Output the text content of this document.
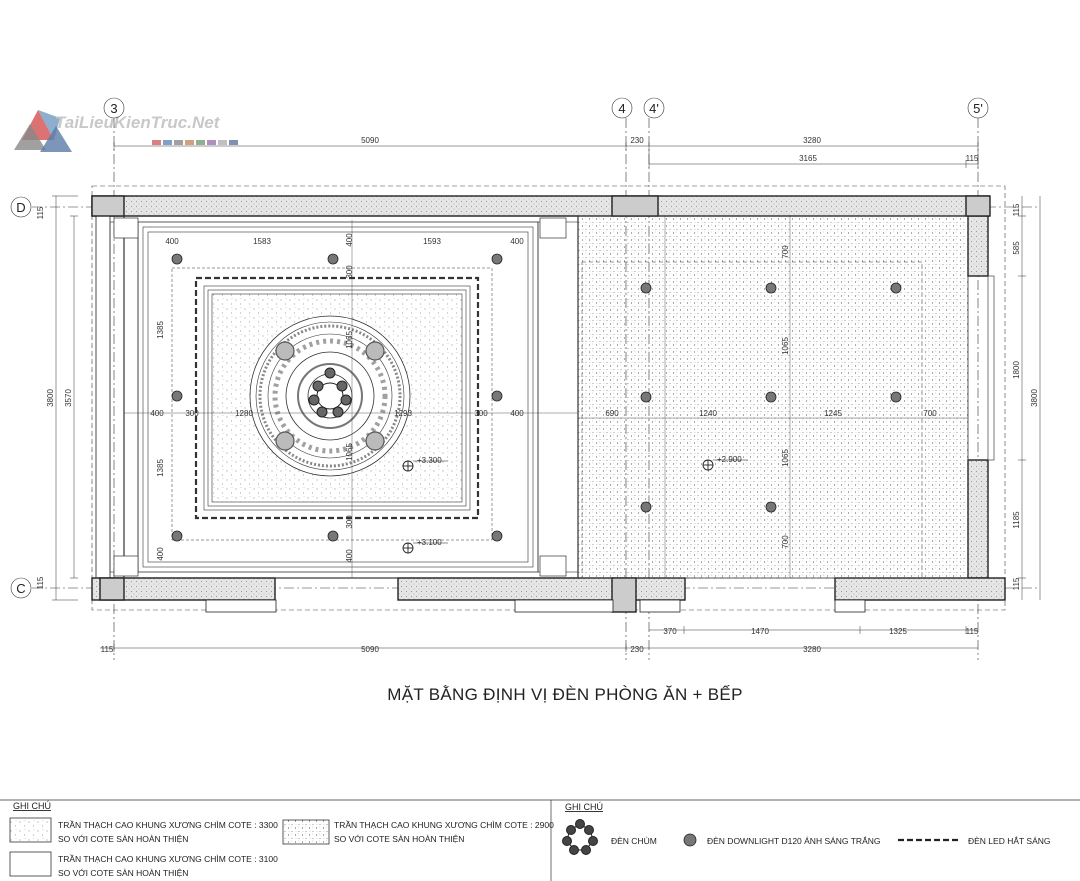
TaiLieuKienTruc.Net
3	4 4'	5'
D
C
5090	230	3280
3165	115
+3.300
+3.100
+2.900
400	1583	1593	400
400	300	1280	1293	300	400
1385
1385
400
400
300
1065
1065
300
400
690	1240	1245	700
700
1065
1065
700
115
3800 3570
115
115
585
1800
1185
115
3800
370	1470	1325	115
115	5090	230	3280
MẶT BẰNG ĐỊNH VỊ ĐÈN PHÒNG ĂN + BẾP
GHI CHÚ
TRẦN THẠCH CAO KHUNG XƯƠNG CHÌM COTE : 3300
SO VỚI COTE SÀN HOÀN THIỆN
TRẦN THẠCH CAO KHUNG XƯƠNG CHÌM COTE : 2900
SO VỚI COTE SÀN HOÀN THIỆN
TRẦN THẠCH CAO KHUNG XƯƠNG CHÌM COTE : 3100
SO VỚI COTE SÀN HOÀN THIỆN
GHI CHÚ
ĐÈN CHÙM	ĐÈN DOWNLIGHT D120 ÁNH SÁNG TRẮNG	ĐÈN LED HẮT SÁNG
